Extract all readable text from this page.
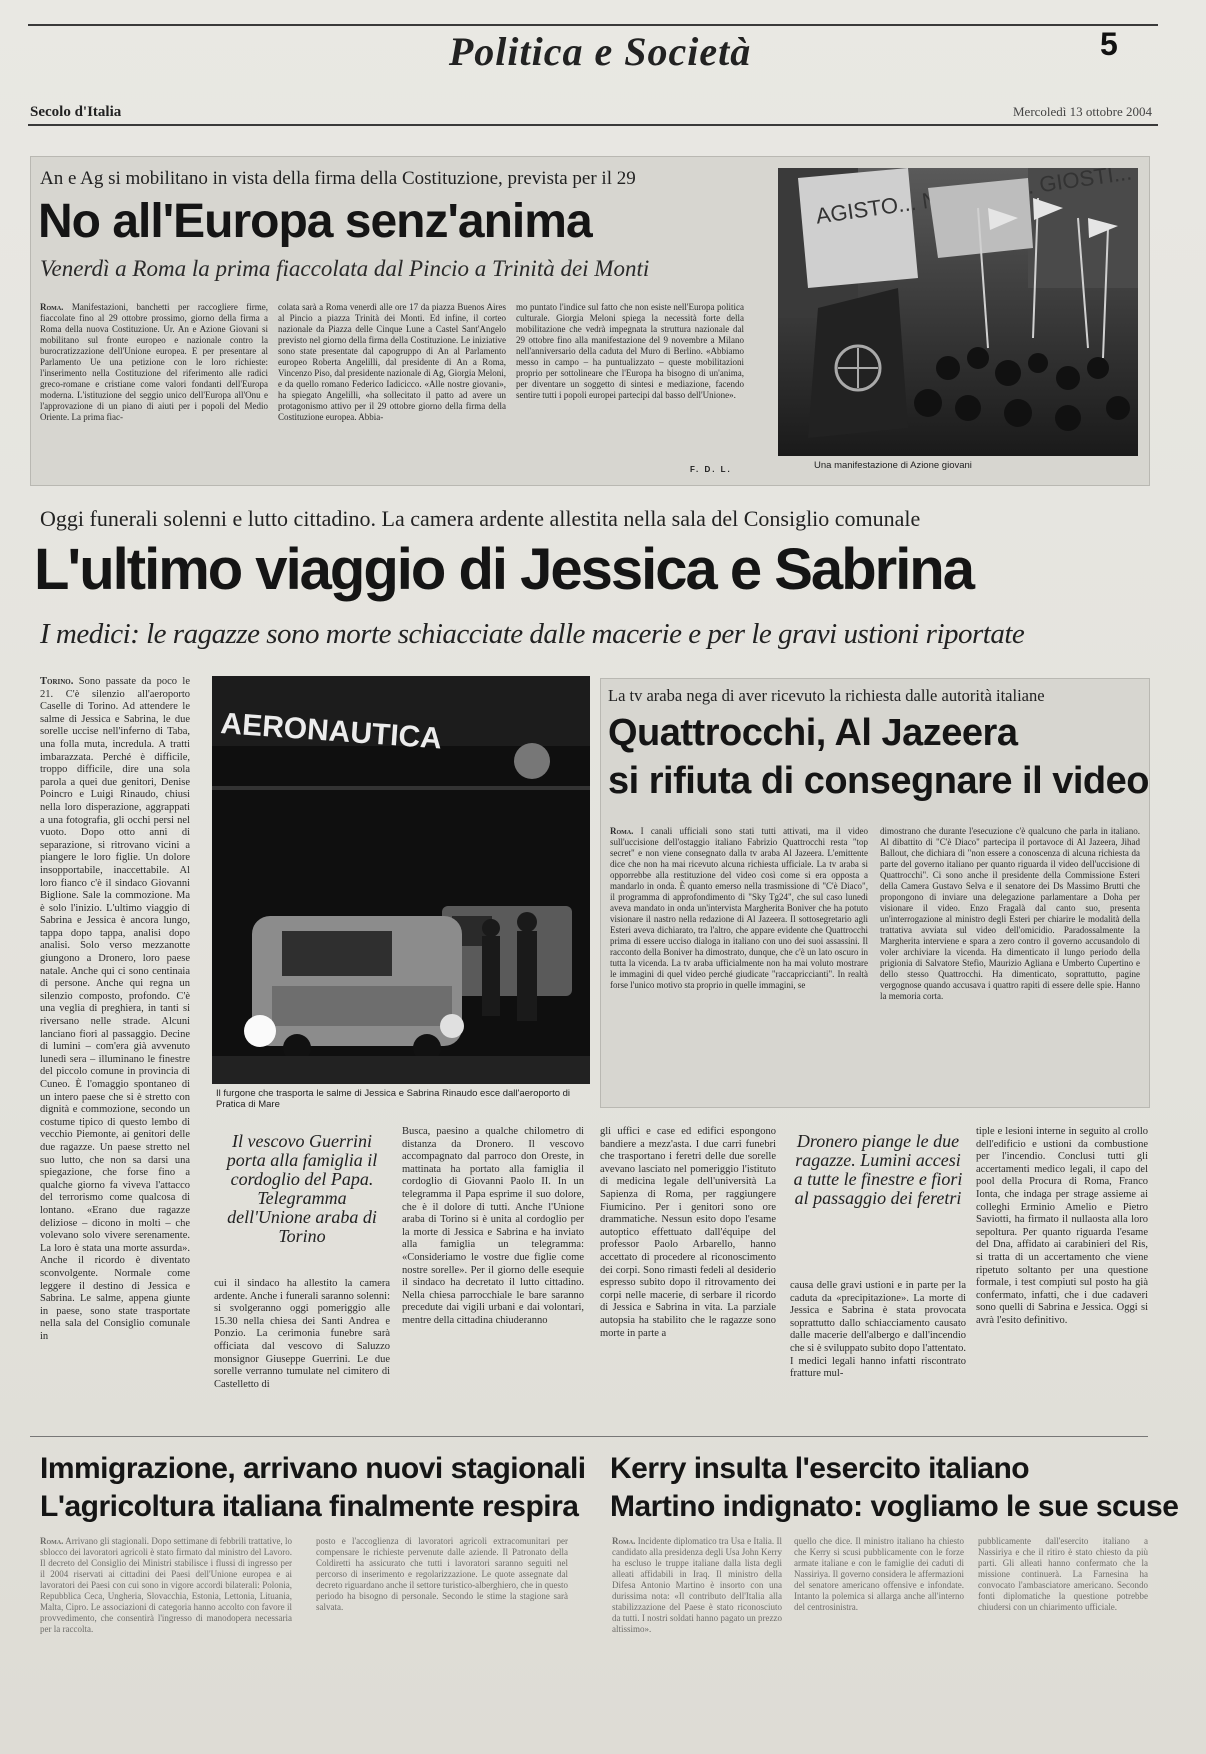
Politica e Società	5
Secolo d'Italia	Mercoledì 13 ottobre 2004
An e Ag si mobilitano in vista della firma della Costituzione, prevista per il 29
No all'Europa senz'anima
Venerdì a Roma la prima fiaccolata dal Pincio a Trinità dei Monti
Roma. Manifestazioni, banchetti per raccogliere firme, fiaccolate fino al 29 ottobre prossimo, giorno della firma a Roma della nuova Costituzione. Ur. An e Azione Giovani si mobilitano sul fronte europeo e nazionale contro la burocratizzazione dell'Unione europea. E per presentare al Parlamento Ue una petizione con le loro richieste: l'inserimento nella Costituzione del riferimento alle radici greco-romane e cristiane come valori fondanti dell'Europa moderna. L'istituzione del seggio unico dell'Europa all'Onu e l'approvazione di un piano di aiuti per i popoli del Medio Oriente. La prima fiac-
colata sarà a Roma venerdì alle ore 17 da piazza Buenos Aires al Pincio a piazza Trinità dei Monti. Ed infine, il corteo nazionale da Piazza delle Cinque Lune a Castel Sant'Angelo previsto nel giorno della firma della Costituzione. Le iniziative sono state presentate dal capogruppo di An al Parlamento europeo Roberta Angelilli, dal presidente di An a Roma, Vincenzo Piso, dal presidente nazionale di Ag, Giorgia Meloni, e da quello romano Federico Iadicicco. «Alle nostre giovani», ha spiegato Angelilli, «ha sollecitato il patto ad avere un protagonismo attivo per il 29 ottobre giorno della firma della Costituzione europea. Abbia-
mo puntato l'indice sul fatto che non esiste nell'Europa politica culturale. Giorgia Meloni spiega la necessità forte della mobilitazione che vedrà impegnata la struttura nazionale dal 29 ottobre fino alla manifestazione del 9 novembre a Milano nell'anniversario della caduta del Muro di Berlino. «Abbiamo messo in campo – ha puntualizzato – queste mobilitazioni proprio per sottolineare che l'Europa ha bisogno di un'anima, per diventare un soggetto di sintesi e mediazione, facendo sentire tutti i popoli europei partecipi dal basso dell'Unione».
F. D. L.
AGISTO... GIOSTI...
Una manifestazione di Azione giovani
Oggi funerali solenni e lutto cittadino. La camera ardente allestita nella sala del Consiglio comunale
L'ultimo viaggio di Jessica e Sabrina
I medici: le ragazze sono morte schiacciate dalle macerie e per le gravi ustioni riportate
Torino. Sono passate da poco le 21. C'è silenzio all'aeroporto Caselle di Torino. Ad attendere le salme di Jessica e Sabrina, le due sorelle uccise nell'inferno di Taba, una folla muta, incredula. A tratti imbarazzata. Perché è difficile, troppo difficile, dire una sola parola a quei due genitori, Denise Poincro e Luigi Rinaudo, chiusi nella loro disperazione, aggrappati a una fotografia, gli occhi persi nel vuoto. Dopo otto anni di separazione, si ritrovano vicini a piangere le loro figlie. Un dolore insopportabile, inaccettabile. Al loro fianco c'è il sindaco Giovanni Biglione. Sale la commozione. Ma è solo l'inizio. L'ultimo viaggio di Sabrina e Jessica è ancora lungo, tappa dopo tappa, analisi dopo analisi. Solo verso mezzanotte giungono a Dronero, loro paese natale. Anche qui ci sono centinaia di persone. Anche qui regna un silenzio composto, profondo. C'è una veglia di preghiera, in tanti si riversano nelle strade. Alcuni lanciano fiori al passaggio. Decine di lumini – com'era già avvenuto lunedì sera – illuminano le finestre del piccolo comune in provincia di Cuneo. È l'omaggio spontaneo di un intero paese che si è stretto con dignità e commozione, secondo un costume tipico di questo lembo di vecchio Piemonte, ai genitori delle due ragazze. Un paese stretto nel suo lutto, che non sa darsi una spiegazione, che forse fino a qualche giorno fa viveva l'attacco del terrorismo come qualcosa di lontano. «Erano due ragazze deliziose – dicono in molti – che volevano solo vivere serenamente. La loro è stata una morte assurda». Anche il ricordo è diventato sconvolgente. Normale come leggere il destino di Jessica e Sabrina. Le salme, appena giunte in paese, sono state trasportate nella sala del Consiglio comunale in
AERONAUTICA
Il furgone che trasporta le salme di Jessica e Sabrina Rinaudo esce dall'aeroporto di Pratica di Mare
La tv araba nega di aver ricevuto la richiesta dalle autorità italiane
Quattrocchi, Al Jazeera
si rifiuta di consegnare il video
Roma. I canali ufficiali sono stati tutti attivati, ma il video sull'uccisione dell'ostaggio italiano Fabrizio Quattrocchi resta "top secret" e non viene consegnato dalla tv araba Al Jazeera. L'emittente dice che non ha mai ricevuto alcuna richiesta ufficiale. La tv araba si opporrebbe alla restituzione del video così come si era opposta a mandarlo in onda. È quanto emerso nella trasmissione di "C'è Diaco", il programma di approfondimento di "Sky Tg24", che sul caso lunedì aveva mandato in onda un'intervista Margherita Boniver che ha potuto visionare il nastro nella redazione di Al Jazeera. Il sottosegretario agli Esteri aveva dichiarato, tra l'altro, che appare evidente che Quattrocchi prima di essere ucciso dialoga in italiano con uno dei suoi assassini. Il racconto della Boniver ha dimostrato, dunque, che c'è un lato oscuro in tutta la vicenda. La tv araba ufficialmente non ha mai voluto mostrare le immagini di quel video perché giudicate "raccapriccianti". In realtà forse l'unico motivo sta proprio in quelle immagini, se
dimostrano che durante l'esecuzione c'è qualcuno che parla in italiano. Al dibattito di "C'è Diaco" partecipa il portavoce di Al Jazeera, Jihad Ballout, che dichiara di "non essere a conoscenza di alcuna richiesta da parte del governo italiano per quanto riguarda il video dell'uccisione di Quattrocchi". Ci sono anche il presidente della Commissione Esteri della Camera Gustavo Selva e il senatore dei Ds Massimo Brutti che propongono di inviare una delegazione parlamentare a Doha per visionare il video. Enzo Fragalà dal canto suo, presenta un'interrogazione al ministro degli Esteri per chiarire le modalità della trattativa avviata sul video dell'omicidio. Paradossalmente la Margherita interviene e spara a zero contro il governo accusandolo di voler archiviare la vicenda. Ha dimenticato il lungo periodo della prigionia di Salvatore Stefio, Maurizio Agliana e Umberto Cupertino e dello stesso Quattrocchi. Ha dimenticato, soprattutto, pagine vergognose quando accusava i quattro rapiti di essere delle spie. Hanno la memoria corta.
Il vescovo Guerrini porta alla famiglia il cordoglio del Papa. Telegramma dell'Unione araba di Torino
cui il sindaco ha allestito la camera ardente. Anche i funerali saranno solenni: si svolgeranno oggi pomeriggio alle 15.30 nella chiesa dei Santi Andrea e Ponzio. La cerimonia funebre sarà officiata dal vescovo di Saluzzo monsignor Giuseppe Guerrini. Le due sorelle verranno tumulate nel cimitero di Castelletto di
Busca, paesino a qualche chilometro di distanza da Dronero. Il vescovo accompagnato dal parroco don Oreste, in mattinata ha portato alla famiglia il cordoglio di Giovanni Paolo II. In un telegramma il Papa esprime il suo dolore, che è il dolore di tutti. Anche l'Unione araba di Torino si è unita al cordoglio per la morte di Jessica e Sabrina e ha inviato alla famiglia un telegramma: «Consideriamo le vostre due figlie come nostre sorelle». Per il giorno delle esequie il sindaco ha decretato il lutto cittadino. Nella chiesa parrocchiale le bare saranno precedute dai vigili urbani e dai volontari, mentre della cittadina chiuderanno
gli uffici e case ed edifici espongono bandiere a mezz'asta. I due carri funebri che trasportano i feretri delle due sorelle avevano lasciato nel pomeriggio l'istituto di medicina legale dell'università La Sapienza di Roma, per raggiungere Fiumicino. Per i genitori sono ore drammatiche. Nessun esito dopo l'esame autoptico effettuato dall'équipe del professor Paolo Arbarello, hanno accettato di procedere al riconoscimento dei corpi. Sono rimasti fedeli al desiderio espresso subito dopo il ritrovamento dei corpi nelle macerie, di serbare il ricordo di Jessica e Sabrina in vita. La parziale autopsia ha stabilito che le ragazze sono morte in parte a
Dronero piange le due ragazze. Lumini accesi a tutte le finestre e fiori al passaggio dei feretri
causa delle gravi ustioni e in parte per la caduta da «precipitazione». La morte di Jessica e Sabrina è stata provocata soprattutto dallo schiacciamento causato dalle macerie dell'albergo e dall'incendio che si è sviluppato subito dopo l'attentato. I medici legali hanno infatti riscontrato fratture mul-
tiple e lesioni interne in seguito al crollo dell'edificio e ustioni da combustione per l'incendio. Conclusi tutti gli accertamenti medico legali, il capo del pool della Procura di Roma, Franco Ionta, che indaga per strage assieme ai colleghi Erminio Amelio e Pietro Saviotti, ha firmato il nullaosta alla loro sepoltura. Per quanto riguarda l'esame del Dna, affidato ai carabinieri del Ris, si tratta di un accertamento che viene ripetuto soltanto per una questione formale, i test compiuti sul posto ha già confermato, infatti, che i due cadaveri sono quelli di Sabrina e Jessica. Oggi si avrà l'esito definitivo.
Immigrazione, arrivano nuovi stagionali
L'agricoltura italiana finalmente respira
Roma. Arrivano gli stagionali. Dopo settimane di febbrili trattative, lo sblocco dei lavoratori agricoli è stato firmato dal ministro del Lavoro. Il decreto del Consiglio dei Ministri stabilisce i flussi di ingresso per il 2004 riservati ai cittadini dei Paesi dell'Unione europea e ai lavoratori dei Paesi con cui sono in vigore accordi bilaterali: Polonia, Repubblica Ceca, Ungheria, Slovacchia, Estonia, Lettonia, Lituania, Malta, Cipro. Le associazioni di categoria hanno accolto con favore il provvedimento, che consentirà l'ingresso di manodopera necessaria per la raccolta.
posto e l'accoglienza di lavoratori agricoli extracomunitari per compensare le richieste pervenute dalle aziende. Il Patronato della Coldiretti ha assicurato che tutti i lavoratori saranno seguiti nel percorso di inserimento e regolarizzazione. Le quote assegnate dal decreto riguardano anche il settore turistico-alberghiero, che in questo periodo ha bisogno di personale. Secondo le stime la stagione sarà salvata.
Kerry insulta l'esercito italiano
Martino indignato: vogliamo le sue scuse
Roma. Incidente diplomatico tra Usa e Italia. Il candidato alla presidenza degli Usa John Kerry ha escluso le truppe italiane dalla lista degli alleati affidabili in Iraq. Il ministro della Difesa Antonio Martino è insorto con una durissima nota: «Il contributo dell'Italia alla stabilizzazione del Paese è stato riconosciuto da tutti. I nostri soldati hanno pagato un prezzo altissimo».
quello che dice. Il ministro italiano ha chiesto che Kerry si scusi pubblicamente con le forze armate italiane e con le famiglie dei caduti di Nassiriya. Il governo considera le affermazioni del senatore americano offensive e infondate. Intanto la polemica si allarga anche all'interno del centrosinistra.
pubblicamente dall'esercito italiano a Nassiriya e che il ritiro è stato chiesto da più parti. Gli alleati hanno confermato che la missione continuerà. La Farnesina ha convocato l'ambasciatore americano. Secondo fonti diplomatiche la questione potrebbe chiudersi con un chiarimento ufficiale.
